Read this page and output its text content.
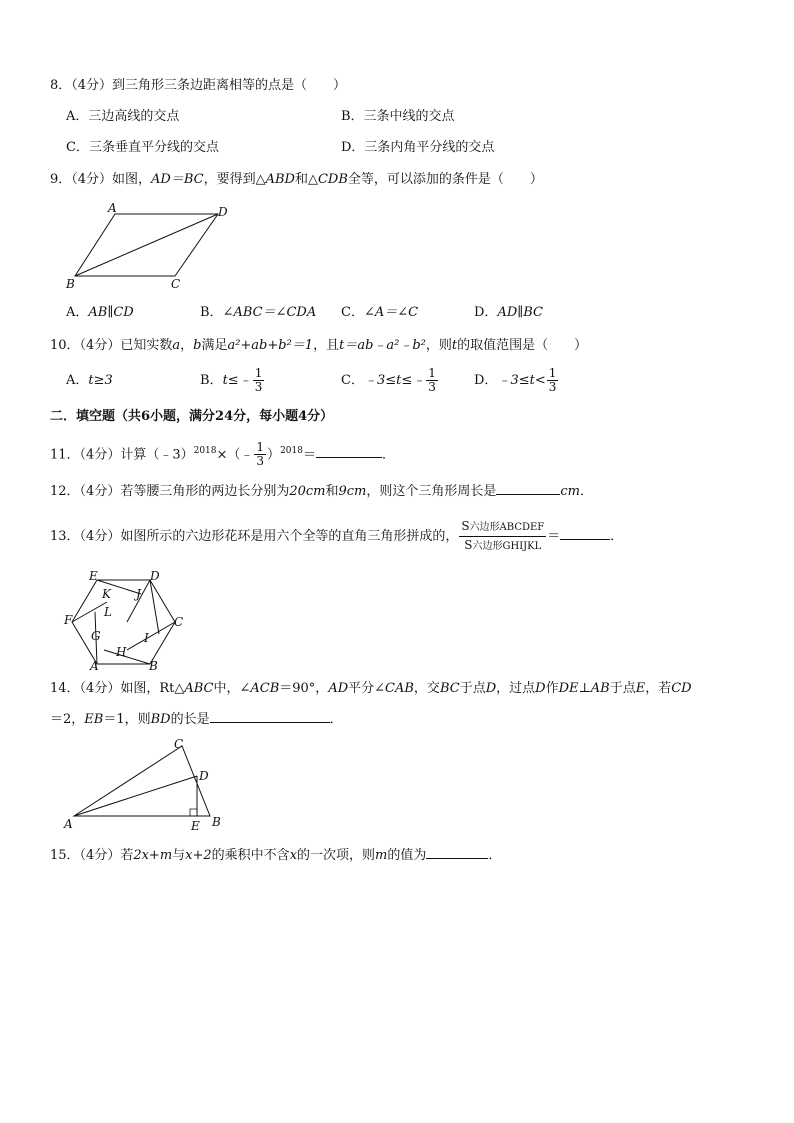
8．（4分）到三角形三条边距离相等的点是（　　）
A．三边高线的交点	B．三条中线的交点
C．三条垂直平分线的交点	D．三条内角平分线的交点
9．（4分）如图，AD＝BC，要得到△ABD和△CDB全等，可以添加的条件是（　　）
A	D
B	C
A．AB∥CD	B．∠ABC＝∠CDA C．∠A＝∠C	D．AD∥BC
10．（4分）已知实数a，b满足a²+ab+b²＝1，且t＝ab﹣a²﹣b²，则t的取值范围是（　　）
A．t≥3	B．t≤﹣ $\frac{1}{3}$	C．﹣3≤t≤﹣ $\frac{1}{3}$	D．﹣3≤t< $\frac{1}{3}$
二．填空题（共6小题，满分24分，每小题4分）
11．（4分）计算（﹣3）$^{2018}$×（﹣ $\frac{1}{3} )^{2018}=$	．
12．（4分）若等腰三角形的两边长分别为20cm和9cm，则这个三角形周长是	cm．
13．（4分）如图所示的六边形花环是用六个全等的直角三角形拼成的， $\frac{\text{S六边形ABCDEF}}{\text{S六边形GHIJKL}}$ ＝	．
E	D
K J
L
F	C
G	I
H
A	B
14．（4分）如图，Rt△ABC中，∠ACB＝90°，AD平分∠CAB，交BC于点D，过点D作DE⊥AB于点E，若CD
＝2，EB＝1，则BD的长是	．
C
D
A	E B
15．（4分）若2x+m与x+2的乘积中不含x的一次项，则m的值为	．
